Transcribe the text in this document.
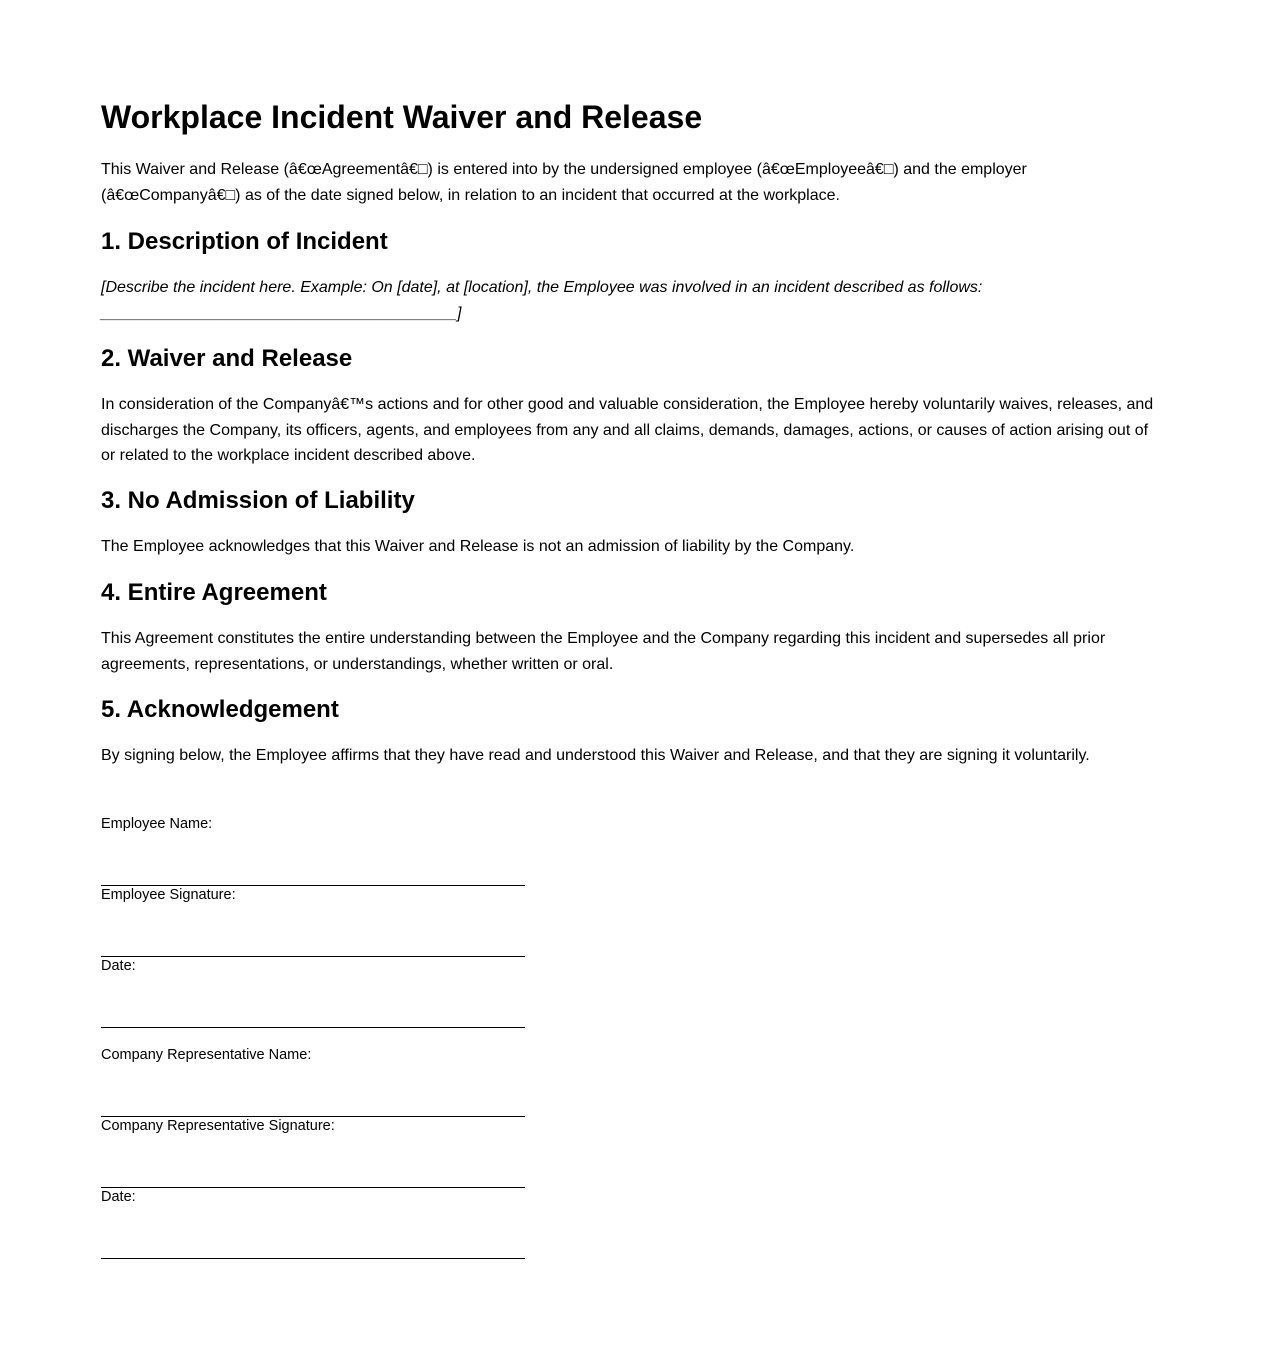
Workplace Incident Waiver and Release

This Waiver and Release (â€œAgreementâ€□) is entered into by the undersigned employee (â€œEmployeeâ€□) and the employer (â€œCompanyâ€□) as of the date signed below, in relation to an incident that occurred at the workplace.

1. Description of Incident

[Describe the incident here. Example: On [date], at [location], the Employee was involved in an incident described as follows: ________________________________________]

2. Waiver and Release

In consideration of the Companyâ€™s actions and for other good and valuable consideration, the Employee hereby voluntarily waives, releases, and discharges the Company, its officers, agents, and employees from any and all claims, demands, damages, actions, or causes of action arising out of or related to the workplace incident described above.

3. No Admission of Liability

The Employee acknowledges that this Waiver and Release is not an admission of liability by the Company.

4. Entire Agreement

This Agreement constitutes the entire understanding between the Employee and the Company regarding this incident and supersedes all prior agreements, representations, or understandings, whether written or oral.

5. Acknowledgement

By signing below, the Employee affirms that they have read and understood this Waiver and Release, and that they are signing it voluntarily.

Employee Name:
Employee Signature:
Date:
Company Representative Name:
Company Representative Signature:
Date:
